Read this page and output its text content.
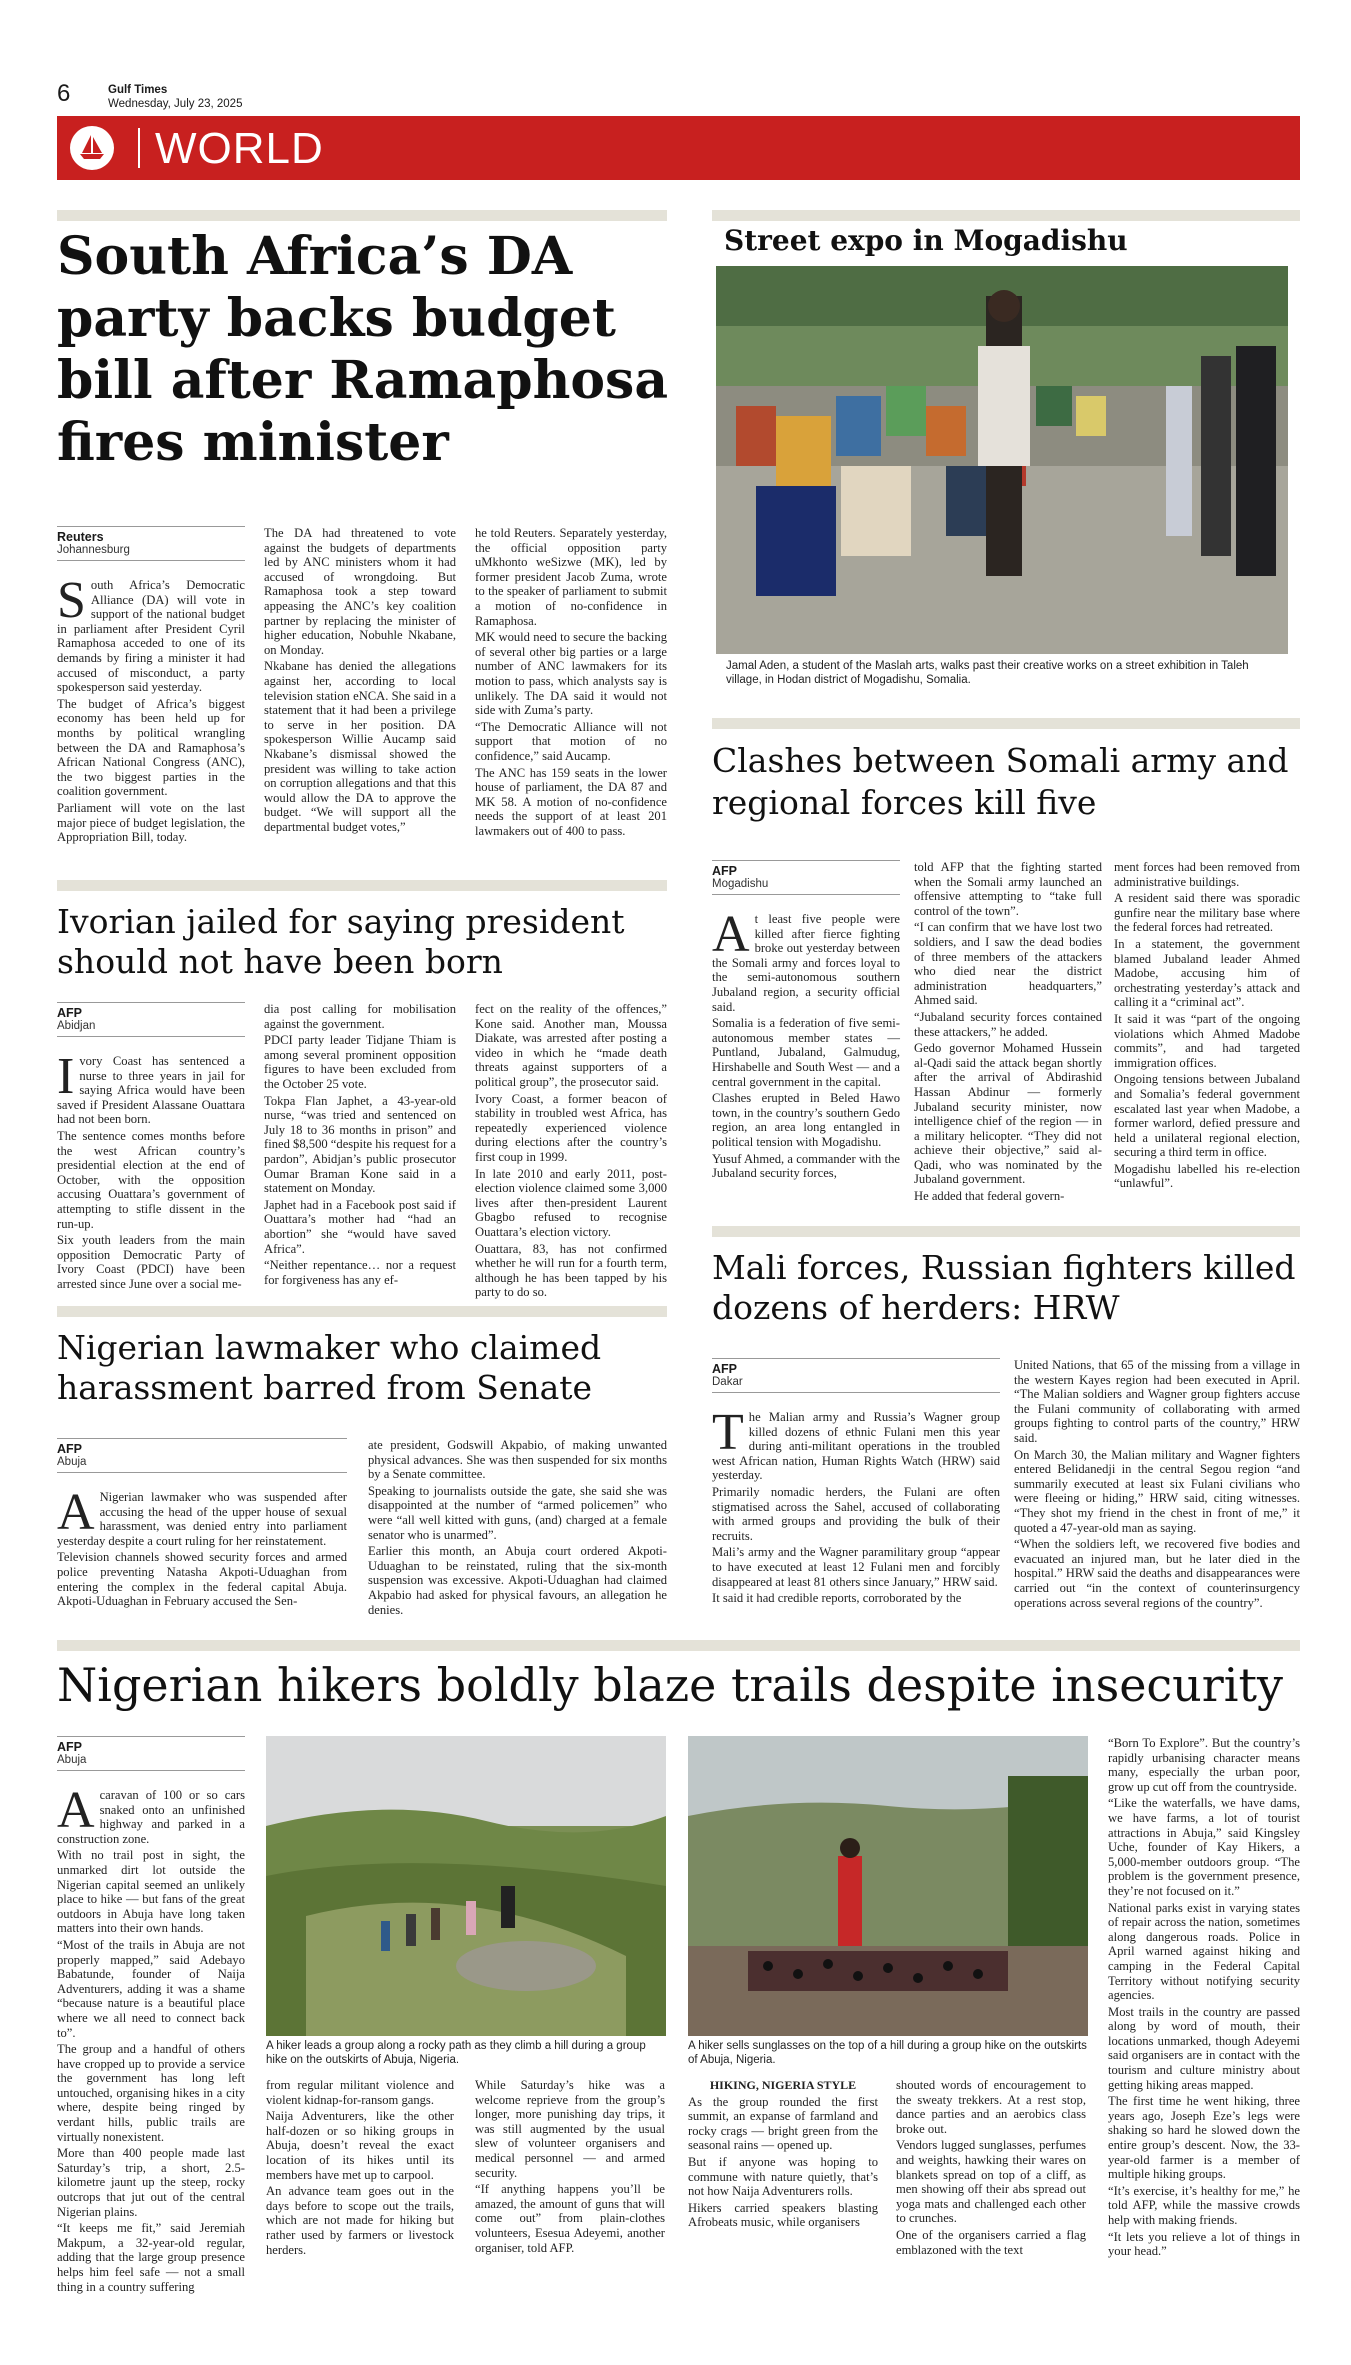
6	Gulf Times
Wednesday, July 23, 2025
WORLD
South Africa’s DA party backs budget bill after Ramaphosa fires minister
Reuters
Johannesburg

South Africa’s Democratic Alliance (DA) will vote in support of the national budget in parliament after President Cyril Ramaphosa acceded to one of its demands by firing a minister it had accused of misconduct, a party spokesperson said yesterday.

The budget of Africa’s biggest economy has been held up for months by political wrangling between the DA and Ramaphosa’s African National Congress (ANC), the two biggest parties in the coalition government.

Parliament will vote on the last major piece of budget legislation, the Appropriation Bill, today.

The DA had threatened to vote against the budgets of departments led by ANC ministers whom it had accused of wrongdoing. But Ramaphosa took a step toward appeasing the ANC’s key coalition partner by replacing the minister of higher education, Nobuhle Nkabane, on Monday.

Nkabane has denied the allegations against her, according to local television station eNCA. She said in a statement that it had been a privilege to serve in her position. DA spokesperson Willie Aucamp said Nkabane’s dismissal showed the president was willing to take action on corruption allegations and that this would allow the DA to approve the budget. “We will support all the departmental budget votes,”

he told Reuters. Separately yesterday, the official opposition party uMkhonto weSizwe (MK), led by former president Jacob Zuma, wrote to the speaker of parliament to submit a motion of no-confidence in Ramaphosa.

MK would need to secure the backing of several other big parties or a large number of ANC lawmakers for its motion to pass, which analysts say is unlikely. The DA said it would not side with Zuma’s party.

“The Democratic Alliance will not support that motion of no confidence,” said Aucamp.

The ANC has 159 seats in the lower house of parliament, the DA 87 and MK 58. A motion of no-confidence needs the support of at least 201 lawmakers out of 400 to pass.

Street expo in Mogadishu
Jamal Aden, a student of the Maslah arts, walks past their creative works on a street exhibition in Taleh village, in Hodan district of Mogadishu, Somalia.
Ivorian jailed for saying president should not have been born
AFP
Abidjan

Ivory Coast has sentenced a nurse to three years in jail for saying Africa would have been saved if President Alassane Ouattara had not been born.

The sentence comes months before the west African country’s presidential election at the end of October, with the opposition accusing Ouattara’s government of attempting to stifle dissent in the run-up.

Six youth leaders from the main opposition Democratic Party of Ivory Coast (PDCI) have been arrested since June over a social me-

dia post calling for mobilisation against the government.

PDCI party leader Tidjane Thiam is among several prominent opposition figures to have been excluded from the October 25 vote.

Tokpa Flan Japhet, a 43-year-old nurse, “was tried and sentenced on July 18 to 36 months in prison” and fined $8,500 “despite his request for a pardon”, Abidjan’s public prosecutor Oumar Braman Kone said in a statement on Monday.

Japhet had in a Facebook post said if Ouattara’s mother had “had an abortion” she “would have saved Africa”.

“Neither repentance… nor a request for forgiveness has any ef-

fect on the reality of the offences,” Kone said. Another man, Moussa Diakate, was arrested after posting a video in which he “made death threats against supporters of a political group”, the prosecutor said.

Ivory Coast, a former beacon of stability in troubled west Africa, has repeatedly experienced violence during elections after the country’s first coup in 1999.

In late 2010 and early 2011, post-election violence claimed some 3,000 lives after then-president Laurent Gbagbo refused to recognise Ouattara’s election victory.

Ouattara, 83, has not confirmed whether he will run for a fourth term, although he has been tapped by his party to do so.

Clashes between Somali army and regional forces kill five
AFP
Mogadishu

At least five people were killed after fierce fighting broke out yesterday between the Somali army and forces loyal to the semi-autonomous southern Jubaland region, a security official said.

Somalia is a federation of five semi-autonomous member states — Puntland, Jubaland, Galmudug, Hirshabelle and South West — and a central government in the capital.

Clashes erupted in Beled Hawo town, in the country’s southern Gedo region, an area long entangled in political tension with Mogadishu.

Yusuf Ahmed, a commander with the Jubaland security forces,

told AFP that the fighting started when the Somali army launched an offensive attempting to “take full control of the town”.

“I can confirm that we have lost two soldiers, and I saw the dead bodies of three members of the attackers who died near the district administration headquarters,” Ahmed said.

“Jubaland security forces contained these attackers,” he added.

Gedo governor Mohamed Hussein al-Qadi said the attack began shortly after the arrival of Abdirashid Hassan Abdinur — formerly Jubaland security minister, now intelligence chief of the region — in a military helicopter. “They did not achieve their objective,” said al-Qadi, who was nominated by the Jubaland government.

He added that federal govern-

ment forces had been removed from administrative buildings.

A resident said there was sporadic gunfire near the military base where the federal forces had retreated.

In a statement, the government blamed Jubaland leader Ahmed Madobe, accusing him of orchestrating yesterday’s attack and calling it a “criminal act”.

It said it was “part of the ongoing violations which Ahmed Madobe commits”, and had targeted immigration offices.

Ongoing tensions between Jubaland and Somalia’s federal government escalated last year when Madobe, a former warlord, defied pressure and held a unilateral regional election, securing a third term in office.

Mogadishu labelled his re-election “unlawful”.

Nigerian lawmaker who claimed harassment barred from Senate
AFP
Abuja

A Nigerian lawmaker who was suspended after accusing the head of the upper house of sexual harassment, was denied entry into parliament yesterday despite a court ruling for her reinstatement.

Television channels showed security forces and armed police preventing Natasha Akpoti-Uduaghan from entering the complex in the federal capital Abuja. Akpoti-Uduaghan in February accused the Sen-

ate president, Godswill Akpabio, of making unwanted physical advances. She was then suspended for six months by a Senate committee.

Speaking to journalists outside the gate, she said she was disappointed at the number of “armed policemen” who were “all well kitted with guns, (and) charged at a female senator who is unarmed”.

Earlier this month, an Abuja court ordered Akpoti-Uduaghan to be reinstated, ruling that the six-month suspension was excessive. Akpoti-Uduaghan had claimed Akpabio had asked for physical favours, an allegation he denies.

Mali forces, Russian fighters killed dozens of herders: HRW
AFP
Dakar

The Malian army and Russia’s Wagner group killed dozens of ethnic Fulani men this year during anti-militant operations in the troubled west African nation, Human Rights Watch (HRW) said yesterday.

Primarily nomadic herders, the Fulani are often stigmatised across the Sahel, accused of collaborating with armed groups and providing the bulk of their recruits.

Mali’s army and the Wagner paramilitary group “appear to have executed at least 12 Fulani men and forcibly disappeared at least 81 others since January,” HRW said.

It said it had credible reports, corroborated by the

United Nations, that 65 of the missing from a village in the western Kayes region had been executed in April. “The Malian soldiers and Wagner group fighters accuse the Fulani community of collaborating with armed groups fighting to control parts of the country,” HRW said.

On March 30, the Malian military and Wagner fighters entered Belidanedji in the central Segou region “and summarily executed at least six Fulani civilians who were fleeing or hiding,” HRW said, citing witnesses. “They shot my friend in the chest in front of me,” it quoted a 47-year-old man as saying.

“When the soldiers left, we recovered five bodies and evacuated an injured man, but he later died in the hospital.” HRW said the deaths and disappearances were carried out “in the context of counterinsurgency operations across several regions of the country”.

Nigerian hikers boldly blaze trails despite insecurity
AFP
Abuja

A caravan of 100 or so cars snaked onto an unfinished highway and parked in a construction zone.

With no trail post in sight, the unmarked dirt lot outside the Nigerian capital seemed an unlikely place to hike — but fans of the great outdoors in Abuja have long taken matters into their own hands.

“Most of the trails in Abuja are not properly mapped,” said Adebayo Babatunde, founder of Naija Adventurers, adding it was a shame “because nature is a beautiful place where we all need to connect back to”.

The group and a handful of others have cropped up to provide a service the government has long left untouched, organising hikes in a city where, despite being ringed by verdant hills, public trails are virtually nonexistent.

More than 400 people made last Saturday’s trip, a short, 2.5-kilometre jaunt up the steep, rocky outcrops that jut out of the central Nigerian plains.

“It keeps me fit,” said Jeremiah Makpum, a 32-year-old regular, adding that the large group presence helps him feel safe — not a small thing in a country suffering

A hiker leads a group along a rocky path as they climb a hill during a group hike on the outskirts of Abuja, Nigeria.
A hiker sells sunglasses on the top of a hill during a group hike on the outskirts of Abuja, Nigeria.

from regular militant violence and violent kidnap-for-ransom gangs.

Naija Adventurers, like the other half-dozen or so hiking groups in Abuja, doesn’t reveal the exact location of its hikes until its members have met up to carpool.

An advance team goes out in the days before to scope out the trails, which are not made for hiking but rather used by farmers or livestock herders.

While Saturday’s hike was a welcome reprieve from the group’s longer, more punishing day trips, it was still augmented by the usual slew of volunteer organisers and medical personnel — and armed security.

“If anything happens you’ll be amazed, the amount of guns that will come out” from plain-clothes volunteers, Esesua Adeyemi, another organiser, told AFP.

HIKING, NIGERIA STYLE

As the group rounded the first summit, an expanse of farmland and rocky crags — bright green from the seasonal rains — opened up.

But if anyone was hoping to commune with nature quietly, that’s not how Naija Adventurers rolls.

Hikers carried speakers blasting Afrobeats music, while organisers

shouted words of encouragement to the sweaty trekkers. At a rest stop, dance parties and an aerobics class broke out.

Vendors lugged sunglasses, perfumes and weights, hawking their wares on blankets spread on top of a cliff, as men showing off their abs spread out yoga mats and challenged each other to crunches.

One of the organisers carried a flag emblazoned with the text

“Born To Explore”. But the country’s rapidly urbanising character means many, especially the urban poor, grow up cut off from the countryside.

“Like the waterfalls, we have dams, we have farms, a lot of tourist attractions in Abuja,” said Kingsley Uche, founder of Kay Hikers, a 5,000-member outdoors group. “The problem is the government presence, they’re not focused on it.”

National parks exist in varying states of repair across the nation, sometimes along dangerous roads. Police in April warned against hiking and camping in the Federal Capital Territory without notifying security agencies.

Most trails in the country are passed along by word of mouth, their locations unmarked, though Adeyemi said organisers are in contact with the tourism and culture ministry about getting hiking areas mapped.

The first time he went hiking, three years ago, Joseph Eze’s legs were shaking so hard he slowed down the entire group’s descent. Now, the 33-year-old farmer is a member of multiple hiking groups.

“It’s exercise, it’s healthy for me,” he told AFP, while the massive crowds help with making friends.

“It lets you relieve a lot of things in your head.”
